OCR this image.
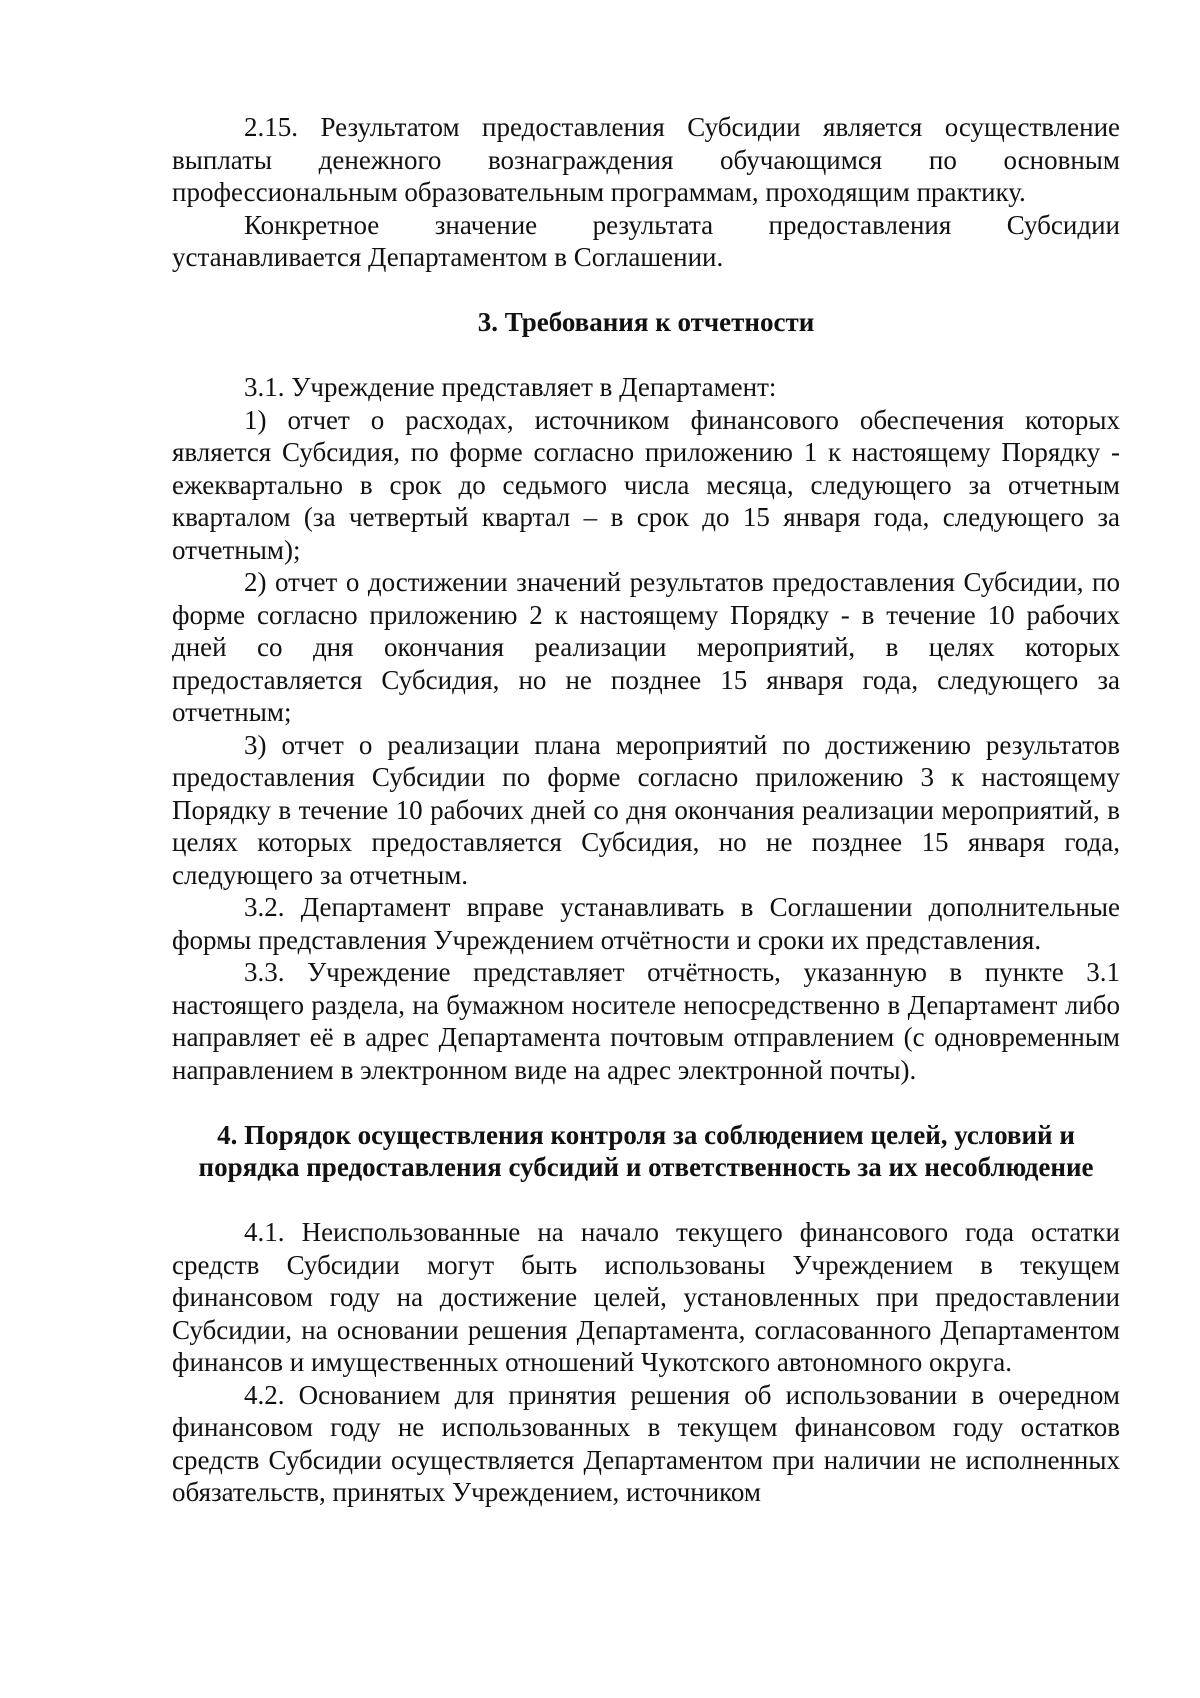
2.15. Результатом предоставления Субсидии является осуществление выплаты денежного вознаграждения обучающимся по основным профессиональным образовательным программам, проходящим практику.

Конкретное значение результата предоставления Субсидии устанавливается Департаментом в Соглашении.

3. Требования к отчетности

3.1. Учреждение представляет в Департамент:

1) отчет о расходах, источником финансового обеспечения которых является Субсидия, по форме согласно приложению 1 к настоящему Порядку - ежеквартально в срок до седьмого числа месяца, следующего за отчетным кварталом (за четвертый квартал – в срок до 15 января года, следующего за отчетным);

2) отчет о достижении значений результатов предоставления Субсидии, по форме согласно приложению 2 к настоящему Порядку - в течение 10 рабочих дней со дня окончания реализации мероприятий, в целях которых предоставляется Субсидия, но не позднее 15 января года, следующего за отчетным;

3) отчет о реализации плана мероприятий по достижению результатов предоставления Субсидии по форме согласно приложению 3 к настоящему Порядку в течение 10 рабочих дней со дня окончания реализации мероприятий, в целях которых предоставляется Субсидия, но не позднее 15 января года, следующего за отчетным.

3.2. Департамент вправе устанавливать в Соглашении дополнительные формы представления Учреждением отчётности и сроки их представления.

3.3. Учреждение представляет отчётность, указанную в пункте 3.1 настоящего раздела, на бумажном носителе непосредственно в Департамент либо направляет её в адрес Департамента почтовым отправлением (с одновременным направлением в электронном виде на адрес электронной почты).

4. Порядок осуществления контроля за соблюдением целей, условий и

порядка предоставления субсидий и ответственность за их несоблюдение

4.1. Неиспользованные на начало текущего финансового года остатки средств Субсидии могут быть использованы Учреждением в текущем финансовом году на достижение целей, установленных при предоставлении Субсидии, на основании решения Департамента, согласованного Департаментом финансов и имущественных отношений Чукотского автономного округа.

4.2. Основанием для принятия решения об использовании в очередном финансовом году не использованных в текущем финансовом году остатков средств Субсидии осуществляется Департаментом при наличии не исполненных обязательств, принятых Учреждением, источником
